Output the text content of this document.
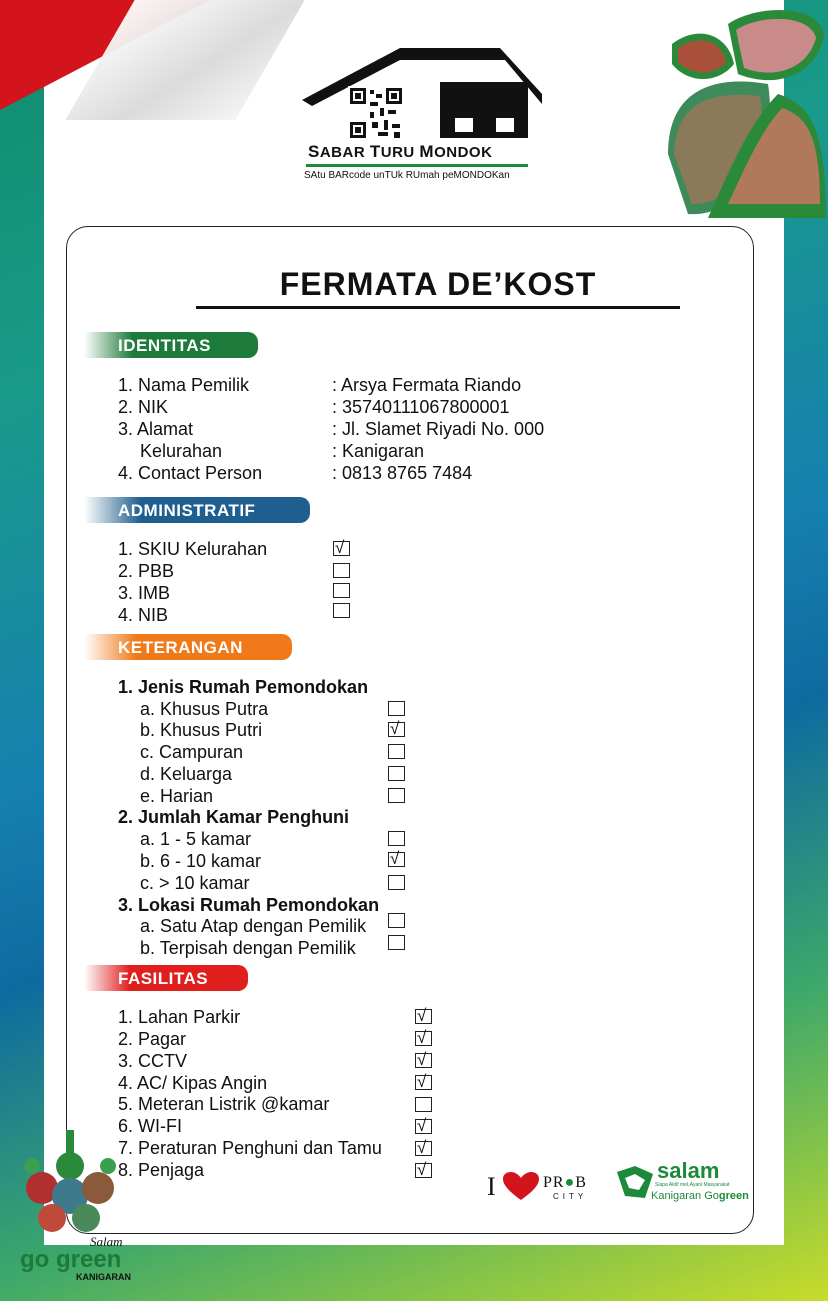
SABAR TURU MONDOK
SAtu BARcode unTUk RUmah peMONDOKan
FERMATA DE’KOST
IDENTITAS
ADMINISTRATIF
KETERANGAN
FASILITAS
1. Nama Pemilik	: Arsya Fermata Riando
2. NIK	: 35740111067800001
3. Alamat	: Jl. Slamet Riyadi No. 000
Kelurahan	: Kanigaran
4. Contact Person	: 0813 8765 7484
1. SKIU Kelurahan	√
2. PBB
3. IMB
4. NIB
1. Jenis Rumah Pemondokan
a. Khusus Putra
b. Khusus Putri	√
c. Campuran
d. Keluarga
e. Harian
2. Jumlah Kamar Penghuni
a. 1 - 5 kamar
b. 6 - 10 kamar	√
c. > 10 kamar
3. Lokasi Rumah Pemondokan
a. Satu Atap dengan Pemilik
b. Terpisah dengan Pemilik
1. Lahan Parkir	√
2. Pagar	√
3. CCTV	√
4. AC/ Kipas Angin	√
5. Meteran Listrik @kamar
6. WI-FI	√
7. Peraturan Penghuni dan Tamu √
8. Penjaga	√
I	PR●B
CITY
salam
Siapa Aktif meLAyani Masyarakat
Kanigaran Gogreen
Salam
go green
KANIGARAN
